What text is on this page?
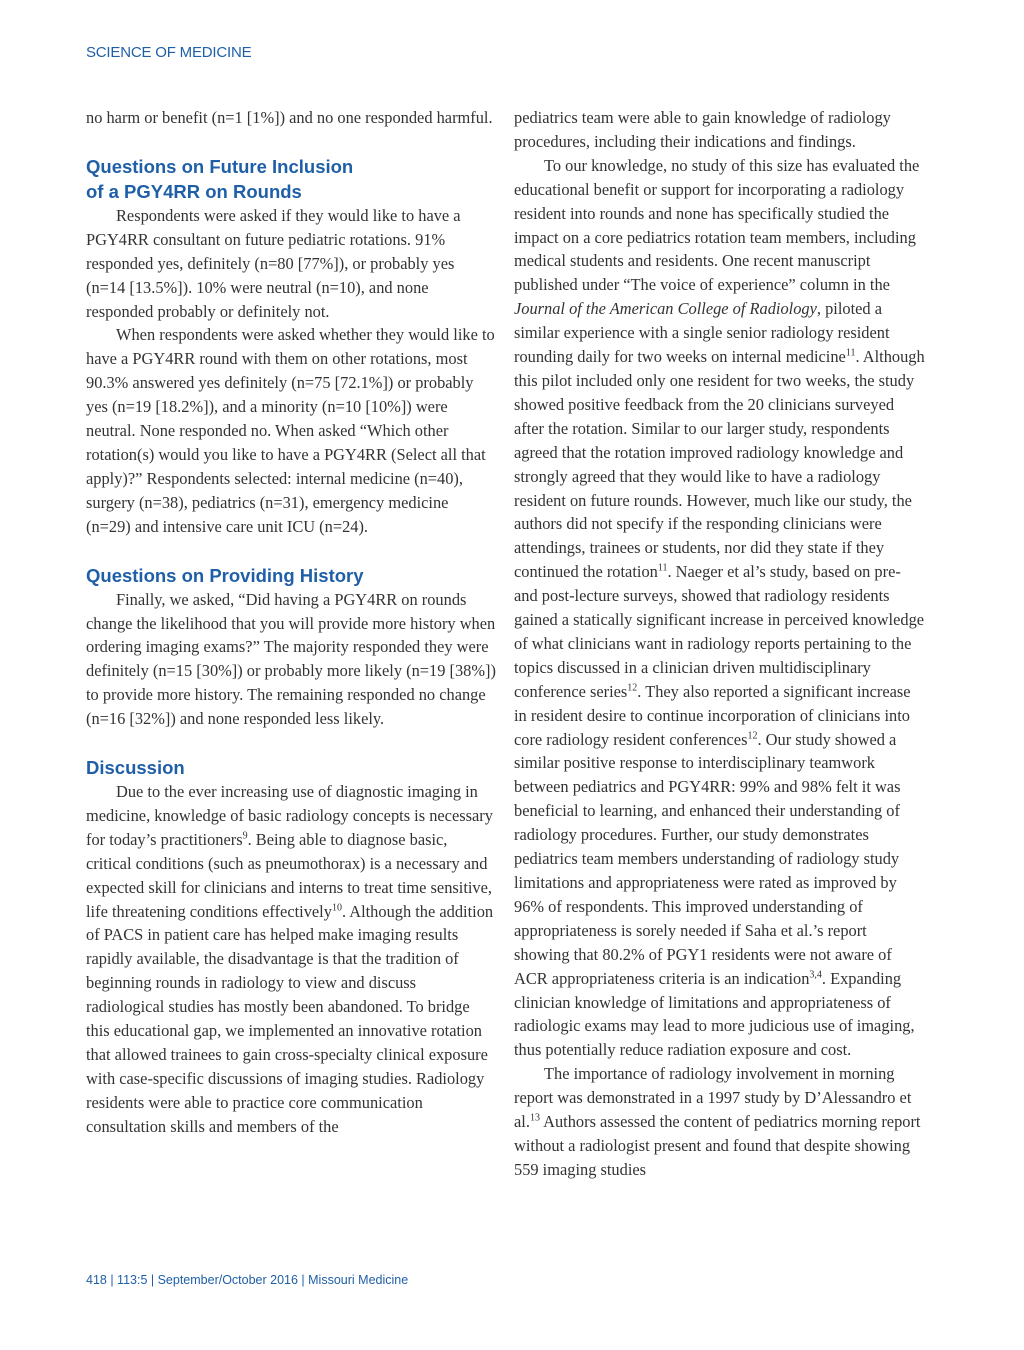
SCIENCE OF MEDICINE

no harm or benefit (n=1 [1%]) and no one responded harmful.

Questions on Future Inclusion
of a PGY4RR on Rounds

Respondents were asked if they would like to have a PGY4RR consultant on future pediatric rotations. 91% responded yes, definitely (n=80 [77%]), or probably yes (n=14 [13.5%]). 10% were neutral (n=10), and none responded probably or definitely not.

When respondents were asked whether they would like to have a PGY4RR round with them on other rotations, most 90.3% answered yes definitely (n=75 [72.1%]) or probably yes (n=19 [18.2%]), and a minority (n=10 [10%]) were neutral. None responded no. When asked “Which other rotation(s) would you like to have a PGY4RR (Select all that apply)?” Respondents selected: internal medicine (n=40), surgery (n=38), pediatrics (n=31), emergency medicine (n=29) and intensive care unit ICU (n=24).

Questions on Providing History

Finally, we asked, “Did having a PGY4RR on rounds change the likelihood that you will provide more history when ordering imaging exams?” The majority responded they were definitely (n=15 [30%]) or probably more likely (n=19 [38%]) to provide more history. The remaining responded no change (n=16 [32%]) and none responded less likely.

Discussion

Due to the ever increasing use of diagnostic imaging in medicine, knowledge of basic radiology concepts is necessary for today’s practitioners$^9$. Being able to diagnose basic, critical conditions (such as pneumothorax) is a necessary and expected skill for clinicians and interns to treat time sensitive, life threatening conditions effectively$^{10}$. Although the addition of PACS in patient care has helped make imaging results rapidly available, the disadvantage is that the tradition of beginning rounds in radiology to view and discuss radiological studies has mostly been abandoned. To bridge this educational gap, we implemented an innovative rotation that allowed trainees to gain cross-specialty clinical exposure with case-specific discussions of imaging studies. Radiology residents were able to practice core communication consultation skills and members of the

pediatrics team were able to gain knowledge of radiology procedures, including their indications and findings.

To our knowledge, no study of this size has evaluated the educational benefit or support for incorporating a radiology resident into rounds and none has specifically studied the impact on a core pediatrics rotation team members, including medical students and residents. One recent manuscript published under “The voice of experience” column in the Journal of the American College of Radiology, piloted a similar experience with a single senior radiology resident rounding daily for two weeks on internal medicine$^{11}$. Although this pilot included only one resident for two weeks, the study showed positive feedback from the 20 clinicians surveyed after the rotation. Similar to our larger study, respondents agreed that the rotation improved radiology knowledge and strongly agreed that they would like to have a radiology resident on future rounds. However, much like our study, the authors did not specify if the responding clinicians were attendings, trainees or students, nor did they state if they continued the rotation$^{11}$. Naeger et al’s study, based on pre- and post-lecture surveys, showed that radiology residents gained a statically significant increase in perceived knowledge of what clinicians want in radiology reports pertaining to the topics discussed in a clinician driven multidisciplinary conference series$^{12}$. They also reported a significant increase in resident desire to continue incorporation of clinicians into core radiology resident conferences$^{12}$. Our study showed a similar positive response to interdisciplinary teamwork between pediatrics and PGY4RR: 99% and 98% felt it was beneficial to learning, and enhanced their understanding of radiology procedures. Further, our study demonstrates pediatrics team members understanding of radiology study limitations and appropriateness were rated as improved by 96% of respondents. This improved understanding of appropriateness is sorely needed if Saha et al.’s report showing that 80.2% of PGY1 residents were not aware of ACR appropriateness criteria is an indication$^{3,4}$. Expanding clinician knowledge of limitations and appropriateness of radiologic exams may lead to more judicious use of imaging, thus potentially reduce radiation exposure and cost.

The importance of radiology involvement in morning report was demonstrated in a 1997 study by D’Alessandro et al.$^{13}$ Authors assessed the content of pediatrics morning report without a radiologist present and found that despite showing 559 imaging studies

418 | 113:5 | September/October 2016 | Missouri Medicine
